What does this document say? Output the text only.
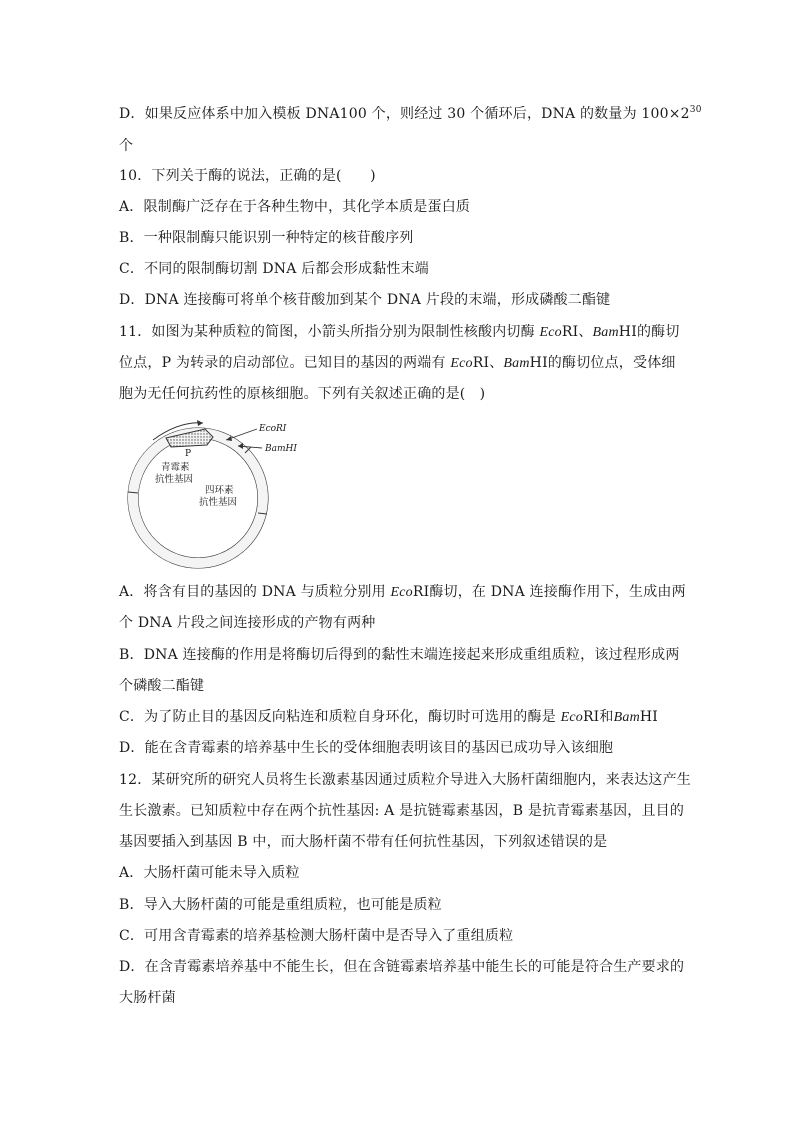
D．如果反应体系中加入模板 DNA100 个，则经过 30 个循环后，DNA 的数量为 $100\times 2^{30}$
个
10．下列关于酶的说法，正确的是(　　)
A．限制酶广泛存在于各种生物中，其化学本质是蛋白质
B．一种限制酶只能识别一种特定的核苷酸序列
C．不同的限制酶切割 DNA 后都会形成黏性末端
D．DNA 连接酶可将单个核苷酸加到某个 DNA 片段的末端，形成磷酸二酯键
11．如图为某种质粒的简图，小箭头所指分别为限制性核酸内切酶 EcoRⅠ、BamHⅠ的酶切
位点，P 为转录的启动部位。已知目的基因的两端有 EcoRⅠ、BamHⅠ的酶切位点，受体细
胞为无任何抗药性的原核细胞。下列有关叙述正确的是(　)
EcoRⅠ
BamHⅠ
P
青霉素
抗性基因
四环素
抗性基因
A．将含有目的基因的 DNA 与质粒分别用 EcoRⅠ酶切，在 DNA 连接酶作用下，生成由两
个 DNA 片段之间连接形成的产物有两种
B．DNA 连接酶的作用是将酶切后得到的黏性末端连接起来形成重组质粒，该过程形成两
个磷酸二酯键
C．为了防止目的基因反向粘连和质粒自身环化，酶切时可选用的酶是 EcoRⅠ和BamHⅠ
D．能在含青霉素的培养基中生长的受体细胞表明该目的基因已成功导入该细胞
12．某研究所的研究人员将生长激素基因通过质粒介导进入大肠杆菌细胞内，来表达这产生
生长激素。已知质粒中存在两个抗性基因: A 是抗链霉素基因，B 是抗青霉素基因，且目的
基因要插入到基因 B 中，而大肠杆菌不带有任何抗性基因，下列叙述错误的是
A．大肠杆菌可能未导入质粒
B．导入大肠杆菌的可能是重组质粒，也可能是质粒
C．可用含青霉素的培养基检测大肠杆菌中是否导入了重组质粒
D．在含青霉素培养基中不能生长，但在含链霉素培养基中能生长的可能是符合生产要求的
大肠杆菌
